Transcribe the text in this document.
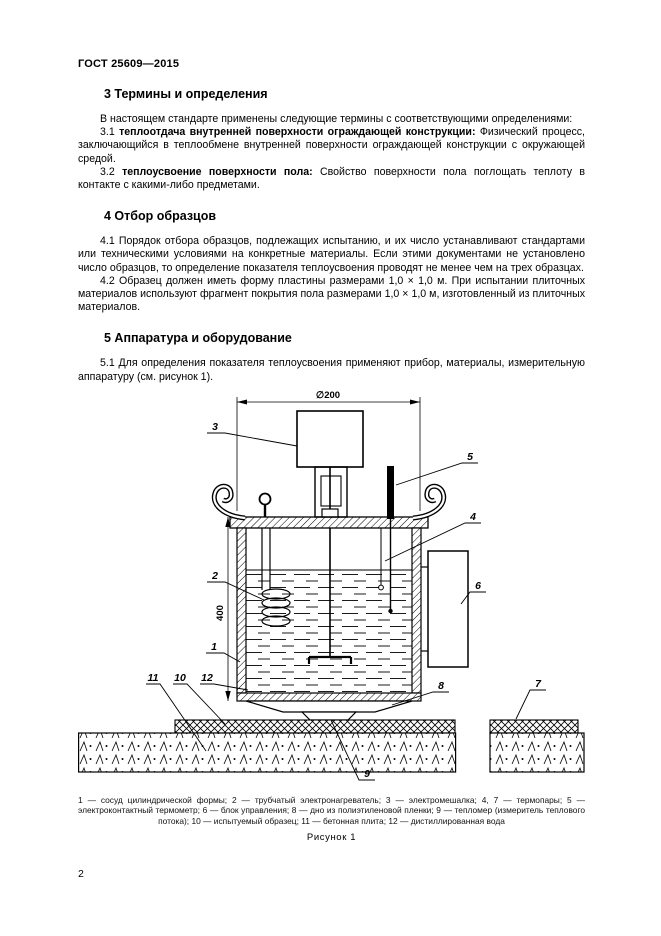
ГОСТ 25609—2015
3 Термины и определения

В настоящем стандарте применены следующие термины с соответствующими определениями:

3.1 теплоотдача внутренней поверхности ограждающей конструкции: Физический процесс, заключающийся в теплообмене внутренней поверхности ограждающей конструкции с окружающей средой.

3.2 теплоусвоение поверхности пола: Свойство поверхности пола поглощать теплоту в контакте с какими-либо предметами.

4 Отбор образцов

4.1 Порядок отбора образцов, подлежащих испытанию, и их число устанавливают стандартами или техническими условиями на конкретные материалы. Если этими документами не установлено число образцов, то определение показателя теплоусвоения проводят не менее чем на трех образцах.

4.2 Образец должен иметь форму пластины размерами 1,0 × 1,0 м. При испытании плиточных материалов используют фрагмент покрытия пола размерами 1,0 × 1,0 м, изготовленный из плиточных материалов.

5 Аппаратура и оборудование

5.1 Для определения показателя теплоусвоения применяют прибор, материалы, измерительную аппаратуру (см. рисунок 1).

∅200
400
3
5
4
6
2
1
8	7
9
11 10 12

1 — сосуд цилиндрической формы; 2 — трубчатый электронагреватель; 3 — электромешалка; 4, 7 — термопары; 5 — электроконтактный термометр; 6 — блок управления; 8 — дно из полиэтиленовой пленки; 9 — тепломер (измеритель теплового потока); 10 — испытуемый образец; 11 — бетонная плита; 12 — дистиллированная вода

Рисунок 1
2
